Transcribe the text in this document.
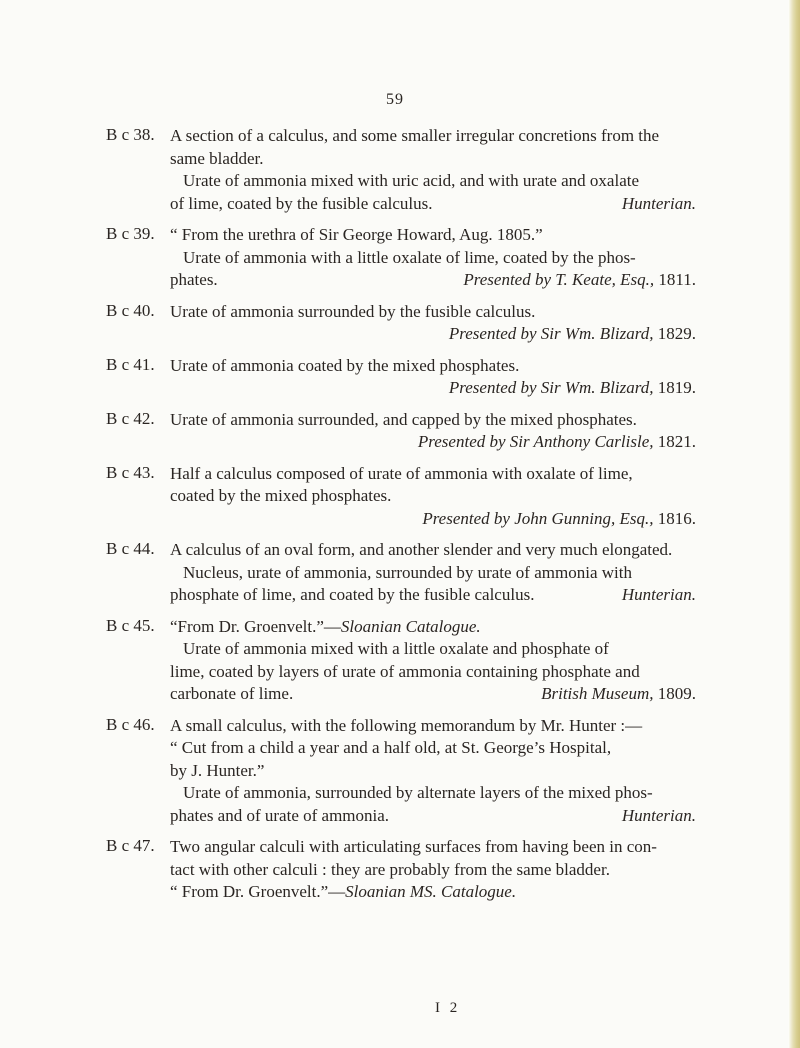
59
B c 38. A section of a calculus, and some smaller irregular concretions from the
same bladder.
Urate of ammonia mixed with uric acid, and with urate and oxalate
of lime, coated by the fusible calculus.	Hunterian.
B c 39. “ From the urethra of Sir George Howard, Aug. 1805.”
Urate of ammonia with a little oxalate of lime, coated by the phos-
phates.	Presented by T. Keate, Esq., 1811.
B c 40. Urate of ammonia surrounded by the fusible calculus.
Presented by Sir Wm. Blizard, 1829.
B c 41. Urate of ammonia coated by the mixed phosphates.
Presented by Sir Wm. Blizard, 1819.
B c 42. Urate of ammonia surrounded, and capped by the mixed phosphates.
Presented by Sir Anthony Carlisle, 1821.
B c 43. Half a calculus composed of urate of ammonia with oxalate of lime,
coated by the mixed phosphates.
Presented by John Gunning, Esq., 1816.
B c 44. A calculus of an oval form, and another slender and very much elongated.
Nucleus, urate of ammonia, surrounded by urate of ammonia with
phosphate of lime, and coated by the fusible calculus.	Hunterian.
B c 45. “From Dr. Groenvelt.”—Sloanian Catalogue.
Urate of ammonia mixed with a little oxalate and phosphate of
lime, coated by layers of urate of ammonia containing phosphate and
carbonate of lime.	British Museum, 1809.
B c 46. A small calculus, with the following memorandum by Mr. Hunter :—
“ Cut from a child a year and a half old, at St. George’s Hospital,
by J. Hunter.”
Urate of ammonia, surrounded by alternate layers of the mixed phos-
phates and of urate of ammonia.	Hunterian.
B c 47. Two angular calculi with articulating surfaces from having been in con-
tact with other calculi : they are probably from the same bladder.
“ From Dr. Groenvelt.”—Sloanian MS. Catalogue.
I 2
